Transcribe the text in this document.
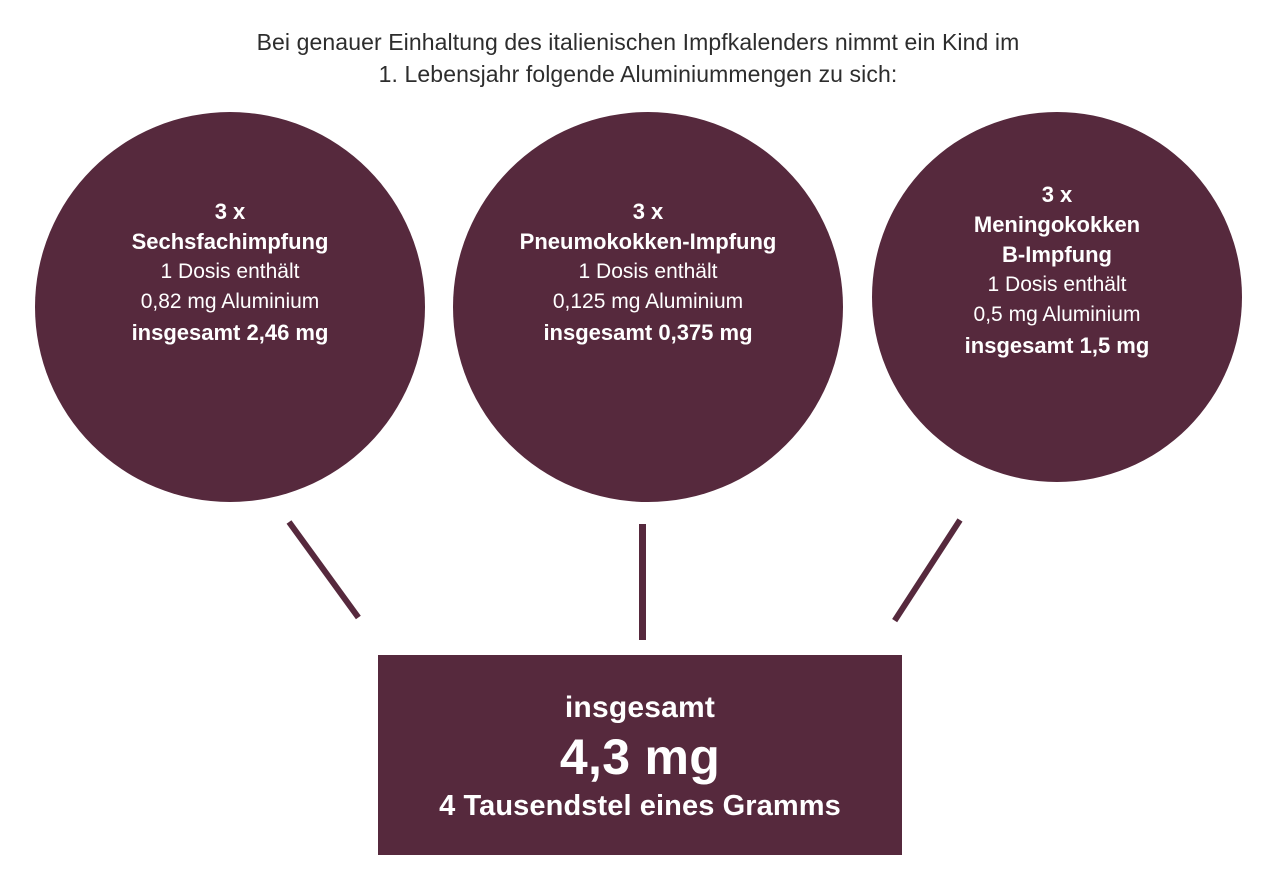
Bei genauer Einhaltung des italienischen Impfkalenders nimmt ein Kind im
1. Lebensjahr folgende Aluminiummengen zu sich:
3 x
Sechsfachimpfung
1 Dosis enthält
0,82 mg Aluminium
insgesamt 2,46 mg
3 x
Pneumokokken-Impfung
1 Dosis enthält
0,125 mg Aluminium
insgesamt 0,375 mg
3 x
Meningokokken
B-Impfung
1 Dosis enthält
0,5 mg Aluminium
insgesamt 1,5 mg
insgesamt
4,3 mg
4 Tausendstel eines Gramms
